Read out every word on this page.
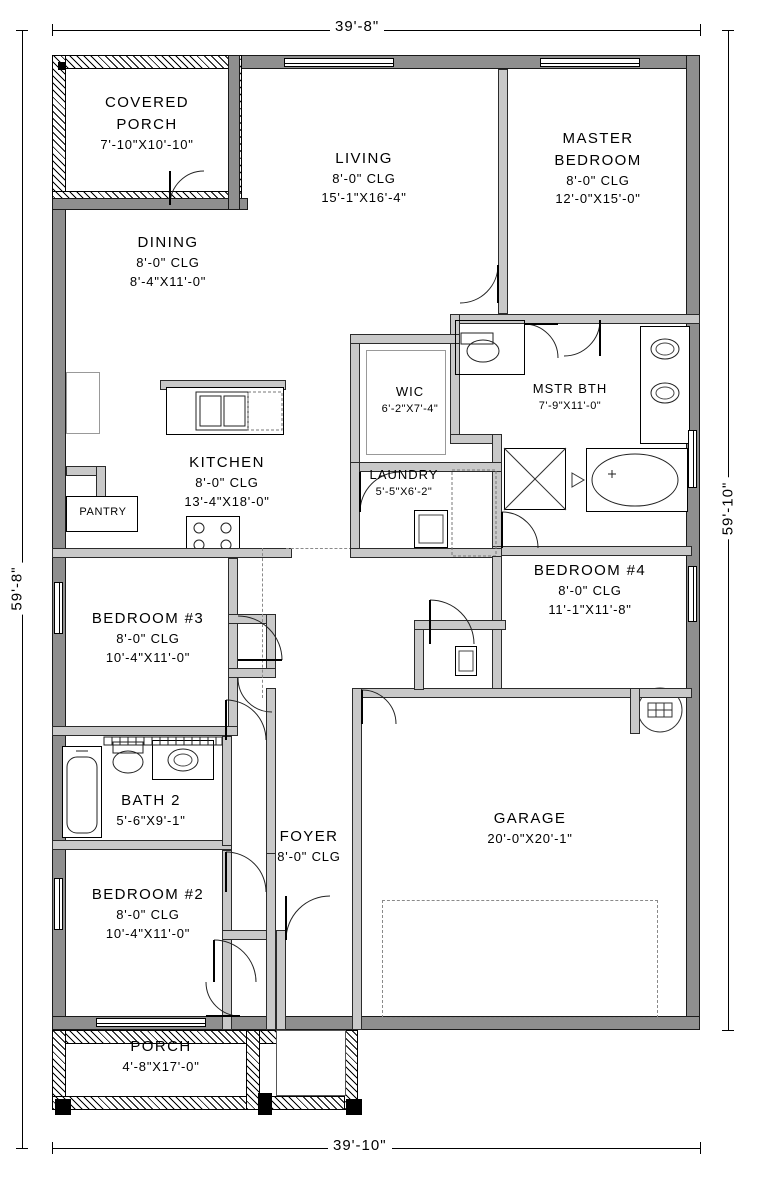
39'-8"
39'-10"
59'-8"
59'-10"
PANTRY
COVERED
PORCH
7'-10"X10'-10"
LIVING
8'-0" CLG
15'-1"X16'-4"
MASTER
BEDROOM
8'-0" CLG
12'-0"X15'-0"
DINING
8'-0" CLG
8'-4"X11'-0"
WIC
6'-2"X7'-4"
MSTR BTH
7'-9"X11'-0"
KITCHEN
8'-0" CLG
13'-4"X18'-0"
LAUNDRY
5'-5"X6'-2"
BEDROOM #4
8'-0" CLG
11'-1"X11'-8"
BEDROOM #3
8'-0" CLG
10'-4"X11'-0"
BATH 2
5'-6"X9'-1"
FOYER
8'-0" CLG
BEDROOM #2
8'-0" CLG
10'-4"X11'-0"
GARAGE
20'-0"X20'-1"
PORCH
4'-8"X17'-0"
